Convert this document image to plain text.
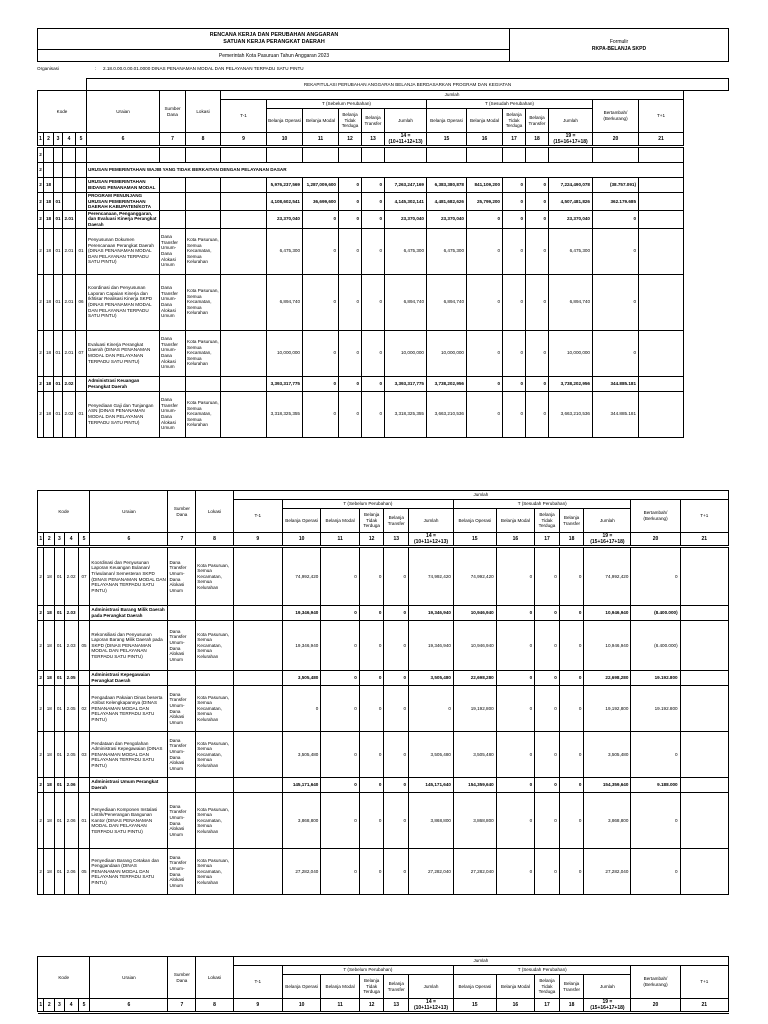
RENCANA KERJA DAN PERUBAHAN ANGGARAN
SATUAN KERJA PERANGKAT DAERAH
Pemerintah Kota Pasuruan Tahun Anggaran 2023
Formulir
RKPA-BELANJA SKPD
Organisasi	: 2.18.0.00.0.00.01.0000 DINAS PENANAMAN MODAL DAN PELAYANAN TERPADU SATU PINTU
					REKAPITULASI PERUBAHAN ANGGARAN BELANJA BERDASARKAN PROGRAM DAN KEGIATAN															
Kode					Uraian	Sumber Dana	Lokasi	Jumlah												
								T-1	T (Sebelum Perubahan)					T (Sesudah Perubahan)					Bertambah/ (Berkurang)	T+1
									Belanja Operasi	Belanja Modal	Belanja Tidak Terduga	Belanja Transfer	Jumlah	Belanja Operasi	Belanja Modal	Belanja Tidak Terduga	Belanja Transfer	Jumlah		

1	2	3	4	5	6	7	8	9	10	11	12	13	14 = (10+11+12+13)	15	16	17	18	19 = (15+16+17+18)	20	21

2																				
2					URUSAN PEMERINTAHAN WAJIB YANG TIDAK BERKAITAN DENGAN PELAYANAN DASAR															
2	18				URUSAN PEMERINTAHAN BIDANG PENANAMAN MODAL				5,976,237,569	1,287,009,600	0	0	7,263,247,169	6,383,380,878	841,109,200	0	0	7,224,490,078	(38.757.091)	
2	18	01			PROGRAM PENUNJANG URUSAN PEMERINTAHAN DAERAH KABUPATEN/KOTA				4,108,602,541	36,699,600	0	0	4,145,302,141	4,481,682,626	25,799,200	0	0	4,507,481,826	362.179.685	
2	18	01	2.01		Perencanaan, Penganggaran, dan Evaluasi Kinerja Perangkat Daerah				23,370,040	0	0	0	23,370,040	23,370,040	0	0	0	23,370,040	0	
2	18	01	2.01	01	Penyusunan Dokumen Perencanaan Perangkat Daerah (DINAS PENANAMAN MODAL DAN PELAYANAN TERPADU SATU PINTU)	Dana Transfer Umum-Dana Alokasi Umum	Kota Pasuruan, Semua Kecamatan, Semua Kelurahan		6,475,300	0	0	0	6,475,300	6,475,300	0	0	0	6,475,300	0	
2	18	01	2.01	06	Koordinasi dan Penyusunan Laporan Capaian Kinerja dan Ikhtisar Realisasi Kinerja SKPD (DINAS PENANAMAN MODAL DAN PELAYANAN TERPADU SATU PINTU)	Dana Transfer Umum-Dana Alokasi Umum	Kota Pasuruan, Semua Kecamatan, Semua Kelurahan		6,894,740	0	0	0	6,894,740	6,894,740	0	0	0	6,894,740	0	
2	18	01	2.01	07	Evaluasi Kinerja Perangkat Daerah (DINAS PENANAMAN MODAL DAN PELAYANAN TERPADU SATU PINTU)	Dana Transfer Umum-Dana Alokasi Umum	Kota Pasuruan, Semua Kecamatan, Semua Kelurahan		10,000,000	0	0	0	10,000,000	10,000,000	0	0	0	10,000,000	0	
2	18	01	2.02		Administrasi Keuangan Perangkat Daerah				3,393,317,775	0	0	0	3,393,317,775	3,738,202,956	0	0	0	3,738,202,956	344.885.181	
2	18	01	2.02	01	Penyediaan Gaji dan Tunjangan ASN (DINAS PENANAMAN MODAL DAN PELAYANAN TERPADU SATU PINTU)	Dana Transfer Umum-Dana Alokasi Umum	Kota Pasuruan, Semua Kecamatan, Semua Kelurahan		3,318,325,355	0	0	0	3,318,325,355	3,663,210,536	0	0	0	3,663,210,536	344.885.181	
Kode					Uraian	Sumber Dana	Lokasi	Jumlah												
								T-1	T (Sebelum Perubahan)					T (Sesudah Perubahan)					Bertambah/ (Berkurang)	T+1
									Belanja Operasi	Belanja Modal	Belanja Tidak Terduga	Belanja Transfer	Jumlah	Belanja Operasi	Belanja Modal	Belanja Tidak Terduga	Belanja Transfer	Jumlah		

1	2	3	4	5	6	7	8	9	10	11	12	13	14 = (10+11+12+13)	15	16	17	18	19 = (15+16+17+18)	20	21

2	18	01	2.02	07	Koordinasi dan Penyusunan Laporan Keuangan Bulanan/ Triwulanan/ Semesteran SKPD (DINAS PENANAMAN MODAL DAN PELAYANAN TERPADU SATU PINTU)	Dana Transfer Umum-Dana Alokasi Umum	Kota Pasuruan, Semua Kecamatan, Semua Kelurahan		74,992,420	0	0	0	74,992,420	74,992,420	0	0	0	74,992,420	0	
2	18	01	2.03		Administrasi Barang Milik Daerah pada Perangkat Daerah				19,346,940	0	0	0	19,346,940	10,946,940	0	0	0	10,946,940	(8.400.000)	
2	18	01	2.03	05	Rekonsiliasi dan Penyusunan Laporan Barang Milik Daerah pada SKPD (DINAS PENANAMAN MODAL DAN PELAYANAN TERPADU SATU PINTU)	Dana Transfer Umum-Dana Alokasi Umum	Kota Pasuruan, Semua Kecamatan, Semua Kelurahan		19,346,940	0	0	0	19,346,940	10,946,940	0	0	0	10,946,940	(8.400.000)	
2	18	01	2.05		Administrasi Kepegawaian Perangkat Daerah				3,505,480	0	0	0	3,505,480	22,698,280	0	0	0	22,698,280	19.192.800	
2	18	01	2.05	02	Pengadaan Pakaian Dinas beserta Atribut Kelengkapannya (DINAS PENANAMAN MODAL DAN PELAYANAN TERPADU SATU PINTU)	Dana Transfer Umum-Dana Alokasi Umum	Kota Pasuruan, Semua Kecamatan, Semua Kelurahan		0	0	0	0	0	19,192,800	0	0	0	19,192,800	19.192.800	
2	18	01	2.05	03	Pendataan dan Pengolahan Administrasi Kepegawaian (DINAS PENANAMAN MODAL DAN PELAYANAN TERPADU SATU PINTU)	Dana Transfer Umum-Dana Alokasi Umum	Kota Pasuruan, Semua Kecamatan, Semua Kelurahan		3,505,480	0	0	0	3,505,480	3,505,480	0	0	0	3,505,480	0	
2	18	01	2.06		Administrasi Umum Perangkat Daerah				145,171,640	0	0	0	145,171,640	154,359,640	0	0	0	154,359,640	9.188.000	
2	18	01	2.06	01	Penyediaan Komponen Instalasi Listrik/Penerangan Bangunan Kantor (DINAS PENANAMAN MODAL DAN PELAYANAN TERPADU SATU PINTU)	Dana Transfer Umum-Dana Alokasi Umum	Kota Pasuruan, Semua Kecamatan, Semua Kelurahan		3,868,800	0	0	0	3,868,800	3,868,800	0	0	0	3,868,800	0	
2	18	01	2.06	05	Penyediaan Barang Cetakan dan Penggandaan (DINAS PENANAMAN MODAL DAN PELAYANAN TERPADU SATU PINTU)	Dana Transfer Umum-Dana Alokasi Umum	Kota Pasuruan, Semua Kecamatan, Semua Kelurahan		27,282,040	0	0	0	27,282,040	27,282,040	0	0	0	27,282,040	0	
Kode					Uraian	Sumber Dana	Lokasi	Jumlah												
								T-1	T (Sebelum Perubahan)					T (Sesudah Perubahan)					Bertambah/ (Berkurang)	T+1
									Belanja Operasi	Belanja Modal	Belanja Tidak Terduga	Belanja Transfer	Jumlah	Belanja Operasi	Belanja Modal	Belanja Tidak Terduga	Belanja Transfer	Jumlah		

1	2	3	4	5	6	7	8	9	10	11	12	13	14 = (10+11+12+13)	15	16	17	18	19 = (15+16+17+18)	20	21
